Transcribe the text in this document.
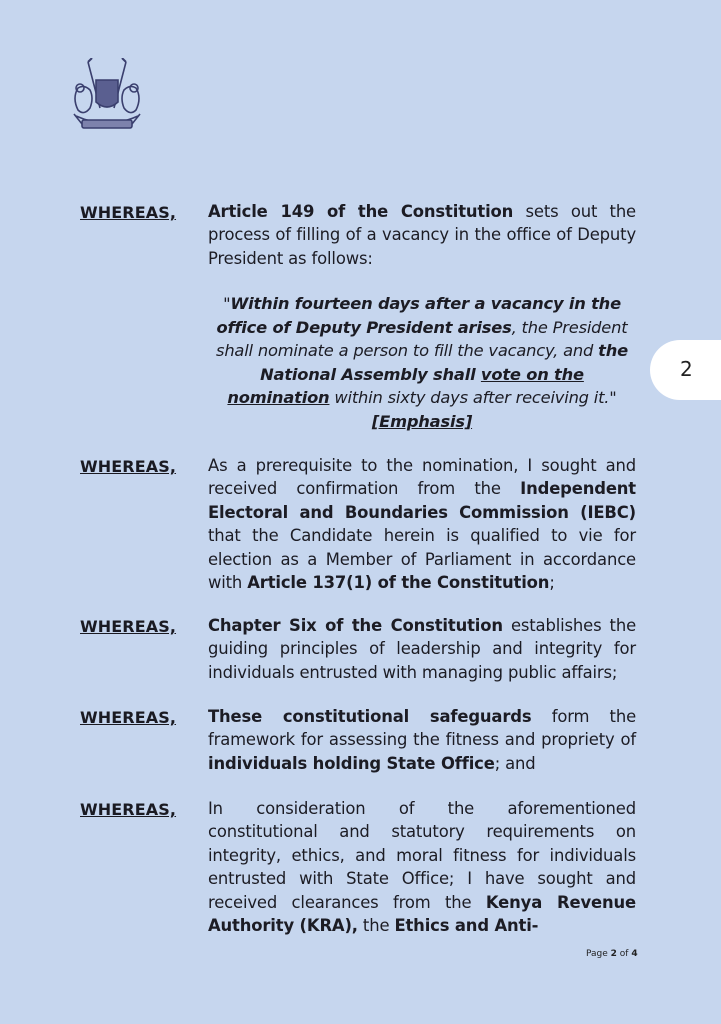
2
WHEREAS, Article 149 of the Constitution sets out the process of filling of a vacancy in the office of Deputy President as follows:
"Within fourteen days after a vacancy in the office of Deputy President arises, the President shall nominate a person to fill the vacancy, and the National Assembly shall vote on the nomination within sixty days after receiving it." [Emphasis]
WHEREAS, As a prerequisite to the nomination, I sought and received confirmation from the Independent Electoral and Boundaries Commission (IEBC) that the Candidate herein is qualified to vie for election as a Member of Parliament in accordance with Article 137(1) of the Constitution;
WHEREAS, Chapter Six of the Constitution establishes the guiding principles of leadership and integrity for individuals entrusted with managing public affairs;
WHEREAS, These constitutional safeguards form the framework for assessing the fitness and propriety of individuals holding State Office; and
WHEREAS, In consideration of the aforementioned constitutional and statutory requirements on integrity, ethics, and moral fitness for individuals entrusted with State Office; I have sought and received clearances from the Kenya Revenue Authority (KRA), the Ethics and Anti-
Page 2 of 4
